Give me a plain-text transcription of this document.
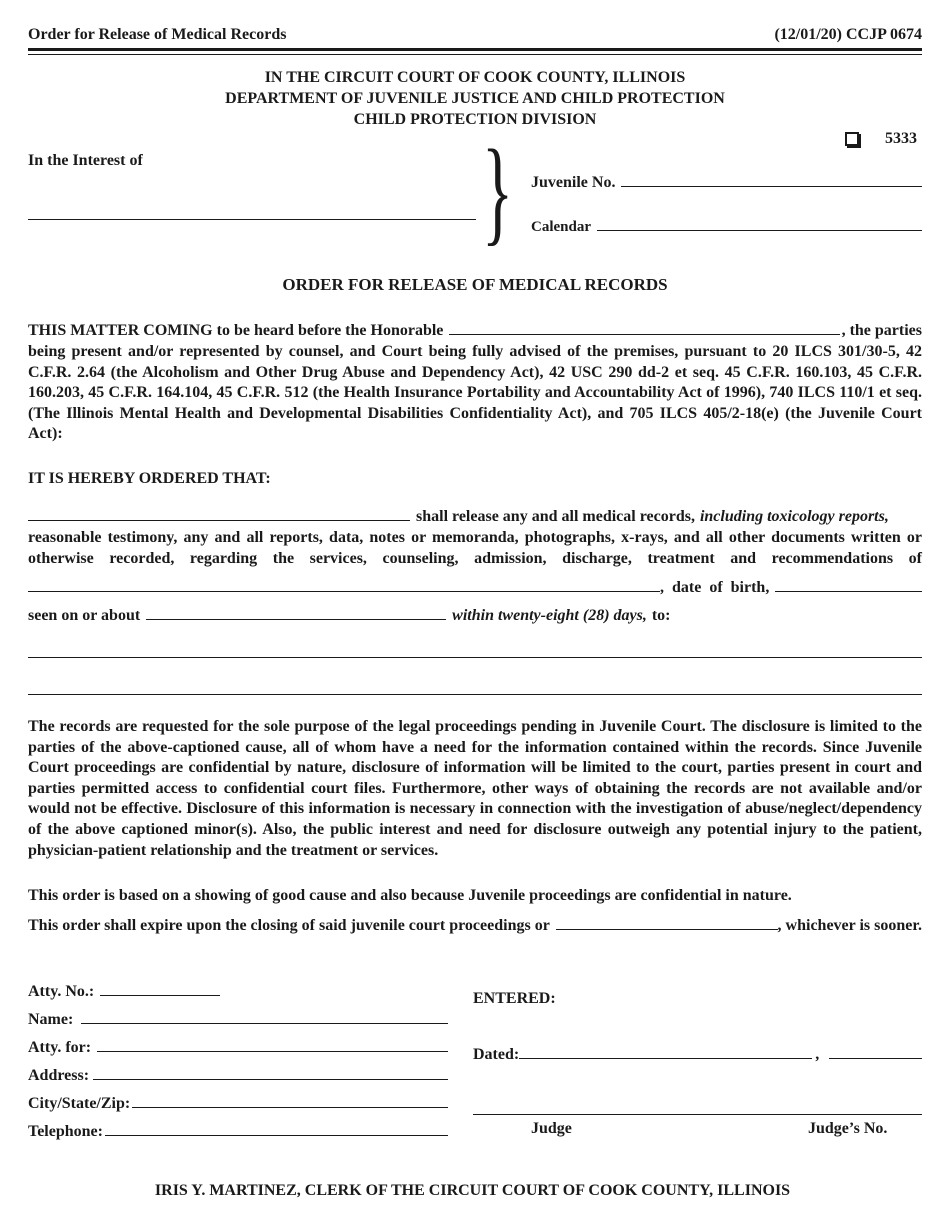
Order for Release of Medical Records	(12/01/20) CCJP 0674
IN THE CIRCUIT COURT OF COOK COUNTY, ILLINOIS
DEPARTMENT OF JUVENILE JUSTICE AND CHILD PROTECTION
CHILD PROTECTION DIVISION
5333
In the Interest of	} Juvenile No.
Calendar
ORDER FOR RELEASE OF MEDICAL RECORDS
THIS MATTER COMING to be heard before the Honorable	, the parties
being present and/or represented by counsel, and Court being fully advised of the premises, pursuant to 20 ILCS 301/30-5, 42 C.F.R. 2.64 (the Alcoholism and Other Drug Abuse and Dependency Act), 42 USC 290 dd-2 et seq. 45 C.F.R. 160.103, 45 C.F.R. 160.203, 45 C.F.R. 164.104, 45 C.F.R. 512 (the Health Insurance Portability and Accountability Act of 1996), 740 ILCS 110/1 et seq. (The Illinois Mental Health and Developmental Disabilities Confidentiality Act), and 705 ILCS 405/2-18(e) (the Juvenile Court Act):
IT IS HEREBY ORDERED THAT:
shall release any and all medical records, including toxicology reports,
reasonable testimony, any and all reports, data, notes or memoranda, photographs, x-rays, and all other documents written or otherwise recorded, regarding the services, counseling, admission, discharge, treatment and recommendations of
, date of birth,
seen on or about	within twenty-eight (28) days, to:
The records are requested for the sole purpose of the legal proceedings pending in Juvenile Court. The disclosure is limited to the parties of the above-captioned cause, all of whom have a need for the information contained within the records. Since Juvenile Court proceedings are confidential by nature, disclosure of information will be limited to the court, parties present in court and parties permitted access to confidential court files. Furthermore, other ways of obtaining the records are not available and/or would not be effective. Disclosure of this information is necessary in connection with the investigation of abuse/neglect/dependency of the above captioned minor(s). Also, the public interest and need for disclosure outweigh any potential injury to the patient, physician-patient relationship and the treatment or services.
This order is based on a showing of good cause and also because Juvenile proceedings are confidential in nature.
This order shall expire upon the closing of said juvenile court proceedings or	, whichever is sooner.
Atty. No.:
Name:
Atty. for:
Address:
City/State/Zip:
Telephone:
ENTERED:
Dated:	,
Judge	Judge’s No.
IRIS Y. MARTINEZ, CLERK OF THE CIRCUIT COURT OF COOK COUNTY, ILLINOIS
